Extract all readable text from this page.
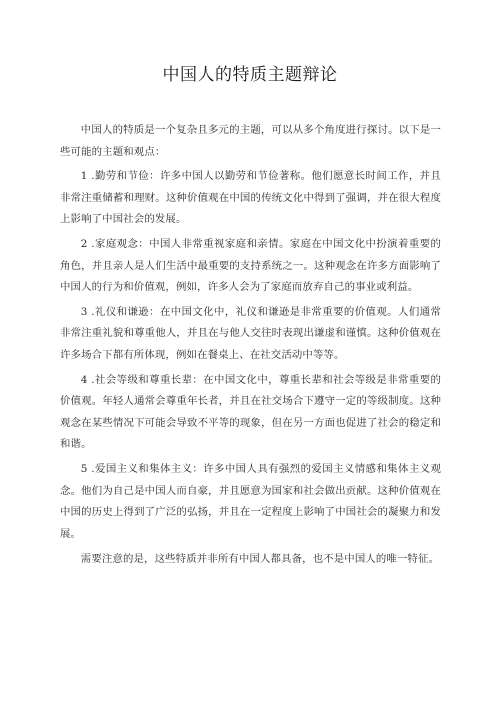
中国人的特质主题辩论

中国人的特质是一个复杂且多元的主题，可以从多个角度进行探讨。以下是一些可能的主题和观点：

1 .勤劳和节俭：许多中国人以勤劳和节俭著称。他们愿意长时间工作，并且非常注重储蓄和理财。这种价值观在中国的传统文化中得到了强调，并在很大程度上影响了中国社会的发展。

2 .家庭观念：中国人非常重视家庭和亲情。家庭在中国文化中扮演着重要的角色，并且亲人是人们生活中最重要的支持系统之一。这种观念在许多方面影响了中国人的行为和价值观，例如，许多人会为了家庭而放弃自己的事业或利益。

3 .礼仪和谦逊：在中国文化中，礼仪和谦逊是非常重要的价值观。人们通常非常注重礼貌和尊重他人，并且在与他人交往时表现出谦虚和谨慎。这种价值观在许多场合下都有所体现，例如在餐桌上、在社交活动中等等。

4 .社会等级和尊重长辈：在中国文化中，尊重长辈和社会等级是非常重要的价值观。年轻人通常会尊重年长者，并且在社交场合下遵守一定的等级制度。这种观念在某些情况下可能会导致不平等的现象，但在另一方面也促进了社会的稳定和和谐。

5 .爱国主义和集体主义：许多中国人具有强烈的爱国主义情感和集体主义观念。他们为自己是中国人而自豪，并且愿意为国家和社会做出贡献。这种价值观在中国的历史上得到了广泛的弘扬，并且在一定程度上影响了中国社会的凝聚力和发展。

需要注意的是，这些特质并非所有中国人都具备，也不是中国人的唯一特征。
